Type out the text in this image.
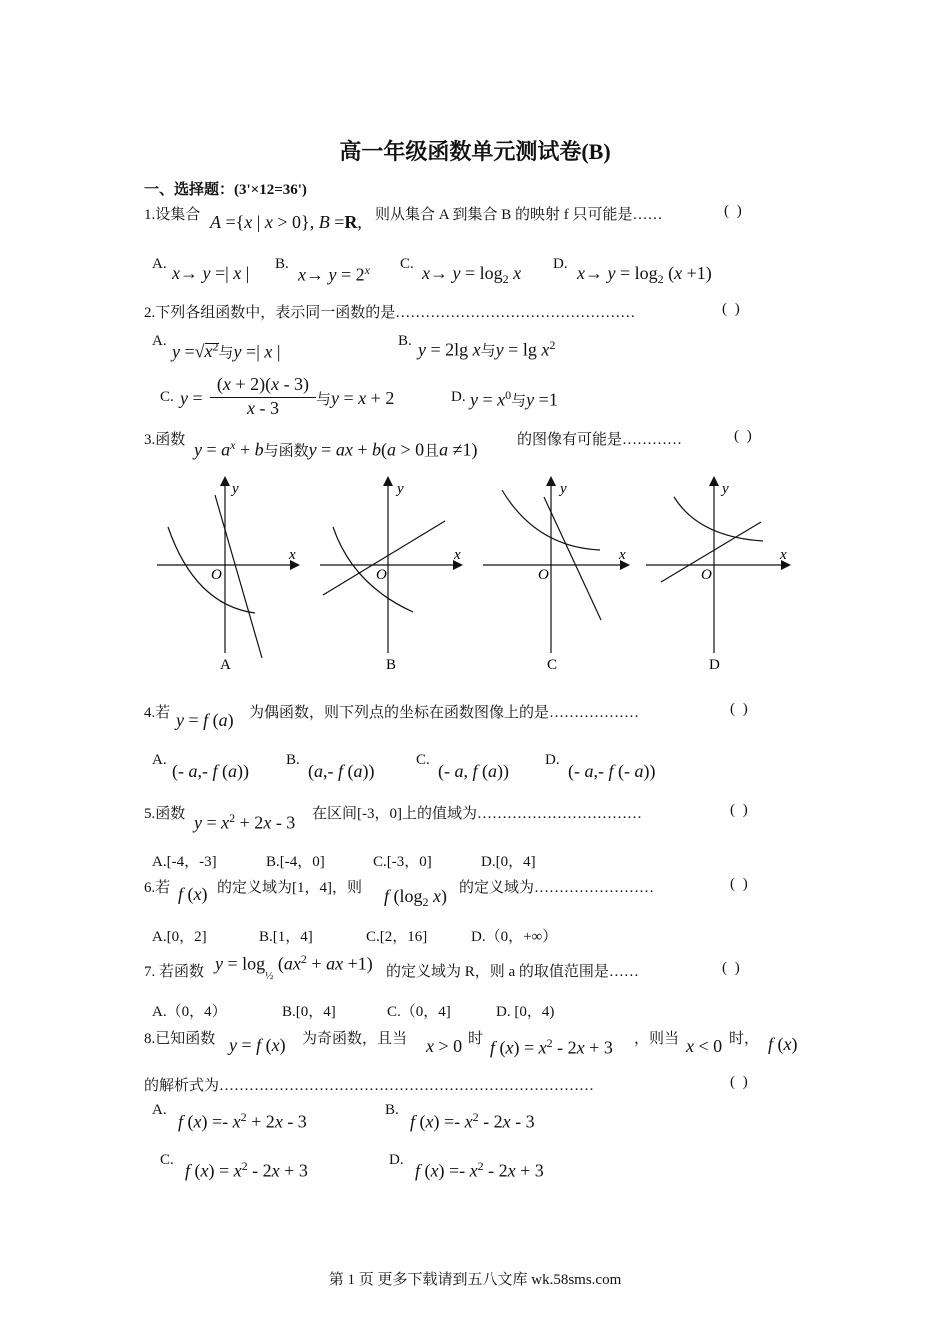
高一年级函数单元测试卷(B)
一、选择题：(3'×12=36')
1.设集合 A ={x | x > 0}, B =R, 则从集合 A 到集合 B 的映射 f 只可能是……	( )
A. x→ y =| x | B.
$x\to y = 2^x$ C. $x\to y = \log_2 x$ D. $x\to y = \log_2 (x +1)$
2.下列各组函数中，表示同一函数的是…………………………………………	( )
A.
$y =√x^2$与y =| x |
B. y = 2lg x与$y = \lg x^2$
C. y =
(x + 2)(x - 3)
x - 3	与y = x + 2	D. $y = x^0$与y =1
3.函数 $y = a^x + b$与函数y = ax + b(a > 0且a ≠1)	的图像有可能是…………	( )
y
x
O
A
y
x
O
B
y
x
O
C
y
x
O
D
4.若 y = f (a) 为偶函数，则下列点的坐标在函数图像上的是………………	( )
A.
(- a,- f (a))
B.
(a,- f (a))
C.
(- a, f (a))
D.
(- a,- f (- a))
5.函数 $y = x^2 + 2x - 3$ 在区间[-3，0]上的值域为……………………………	( )
A.[-4，-3]	B.[-4，0]	C.[-3，0]	D.[0，4]
6.若 f (x) 的定义域为[1，4]，则 f ($\log_2$ x) 的定义域为……………………	( )
A.[0，2]	B.[1，4]	C.[2，16]	D.（0，+∞）
7. 若函数 $y = \log_{\frac{1}{2}} (ax^2$ + ax +1) 的定义域为 R，则 a 的取值范围是……	( )
A.（0，4）	B.[0，4]	C.（0，4]	D. [0，4)
8.已知函数 y = f (x) 为奇函数，且当 x > 0 时 f $(x) = x^2 - 2x + 3$ ，则当 x < 0 时， f (x)
的解析式为…………………………………………………………………	( )
A.
f $(x) =- x^2 + 2x - 3$
B.
f $(x) =- x^2 - 2x - 3$
C.
f $(x) = x^2 - 2x + 3$
D.
f $(x) =- x^2 - 2x + 3$
第 1 页 更多下载请到五八文库 wk.58sms.com
